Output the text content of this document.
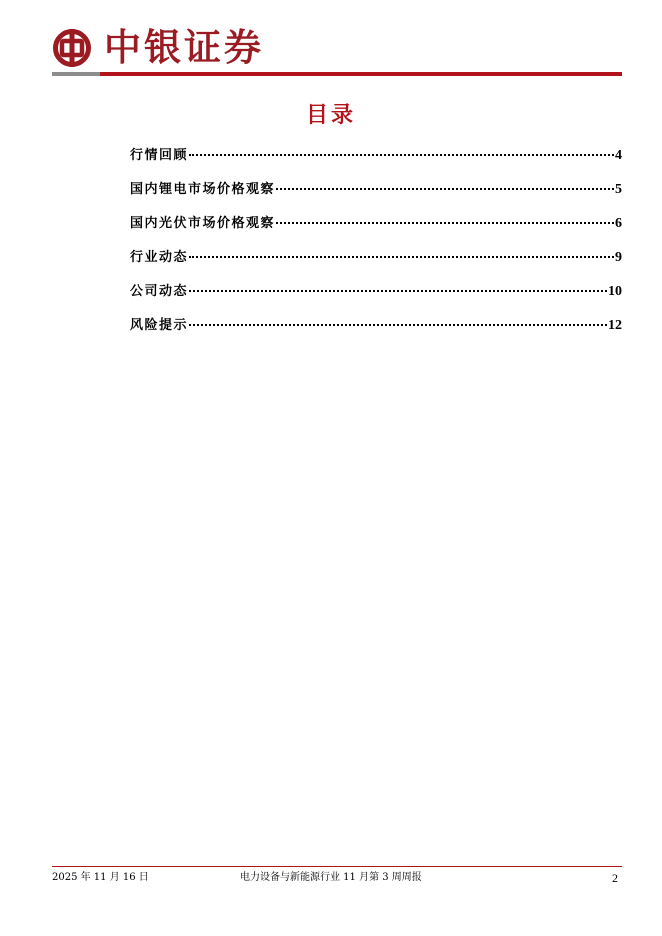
中银证券
目录
行情回顾	4
国内锂电市场价格观察	5
国内光伏市场价格观察	6
行业动态	9
公司动态	10
风险提示	12
2025 年 11 月 16 日	电力设备与新能源行业 11 月第 3 周周报	2
